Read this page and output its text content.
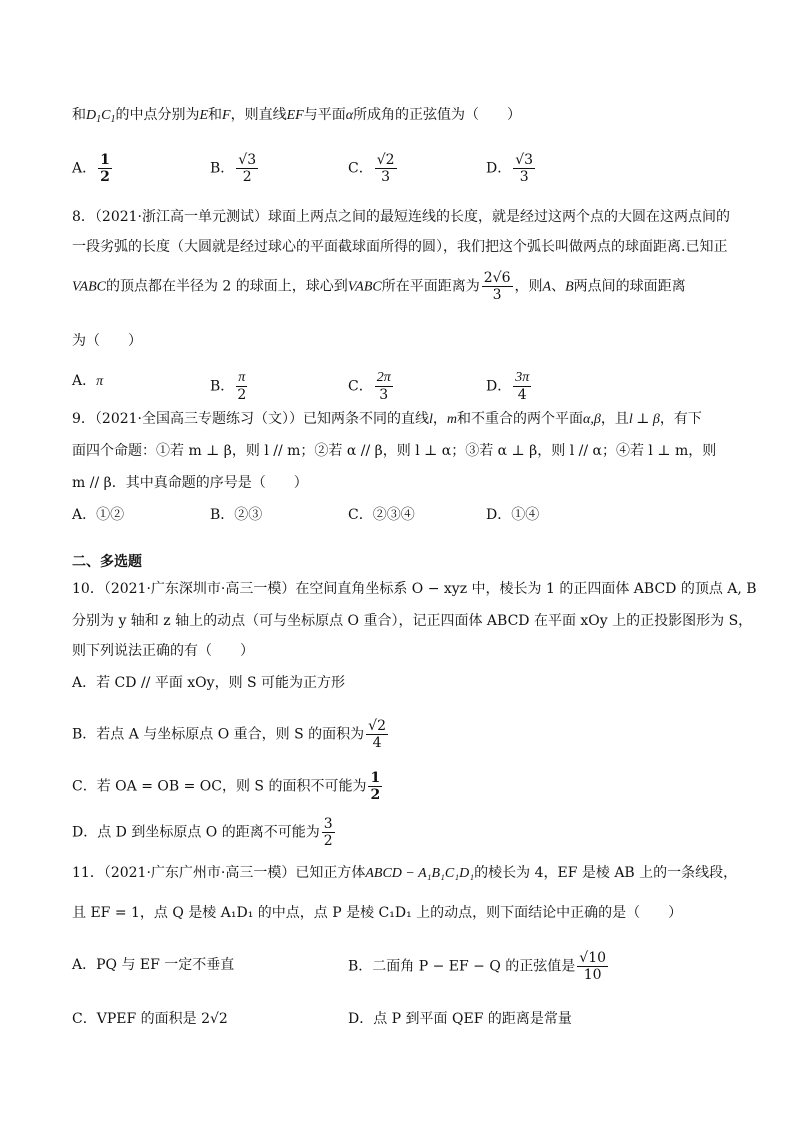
和$D_1C_1$的中点分别为E和F，则直线EF与平面α所成角的正弦值为（　　）
A． $\frac{1}{2}$	B． $\frac{√3}{2}$	C． $\frac{√2}{3}$	D． $\frac{√3}{3}$
8．（2021·浙江高一单元测试）球面上两点之间的最短连线的长度，就是经过这两个点的大圆在这两点间的
一段劣弧的长度（大圆就是经过球心的平面截球面所得的圆），我们把这个弧长叫做两点的球面距离.已知正
VABC的顶点都在半径为 2 的球面上，球心到VABC所在平面距离为 $\frac{2√6}{3}$ ，则A、B两点间的球面距离
为（　　）
A．π	B． $\frac{\pi}{2}$	C． $\frac{2\pi}{3}$	D． $\frac{3\pi}{4}$
9．（2021·全国高三专题练习（文））已知两条不同的直线l，m和不重合的两个平面α,β，且l ⊥ β，有下
面四个命题：①若 m ⊥ β，则 l // m；②若 α // β，则 l ⊥ α；③若 α ⊥ β，则 l // α；④若 l ⊥ m，则
m // β．其中真命题的序号是（　　）
A．①②	B．②③	C．②③④	D．①④
二、多选题
10．（2021·广东深圳市·高三一模）在空间直角坐标系 O − xyz 中，棱长为 1 的正四面体 ABCD 的顶点 A, B
分别为 y 轴和 z 轴上的动点（可与坐标原点 O 重合），记正四面体 ABCD 在平面 xOy 上的正投影图形为 S，
则下列说法正确的有（　　）
A．若 CD // 平面 xOy，则 S 可能为正方形
B．若点 A 与坐标原点 O 重合，则 S 的面积为 $\frac{√2}{4}$
C．若 OA = OB = OC，则 S 的面积不可能为 $\frac{1}{2}$
D．点 D 到坐标原点 O 的距离不可能为 $\frac{3}{2}$
11．（2021·广东广州市·高三一模）已知正方体ABCD − A₁B₁C₁D₁的棱长为 4，EF 是棱 AB 上的一条线段，
且 EF = 1，点 Q 是棱 A₁D₁ 的中点，点 P 是棱 C₁D₁ 上的动点，则下面结论中正确的是（　　）
A．PQ 与 EF 一定不垂直	B．二面角 P − EF − Q 的正弦值是 $\frac{√10}{10}$
C．VPEF 的面积是 2√2	D．点 P 到平面 QEF 的距离是常量
